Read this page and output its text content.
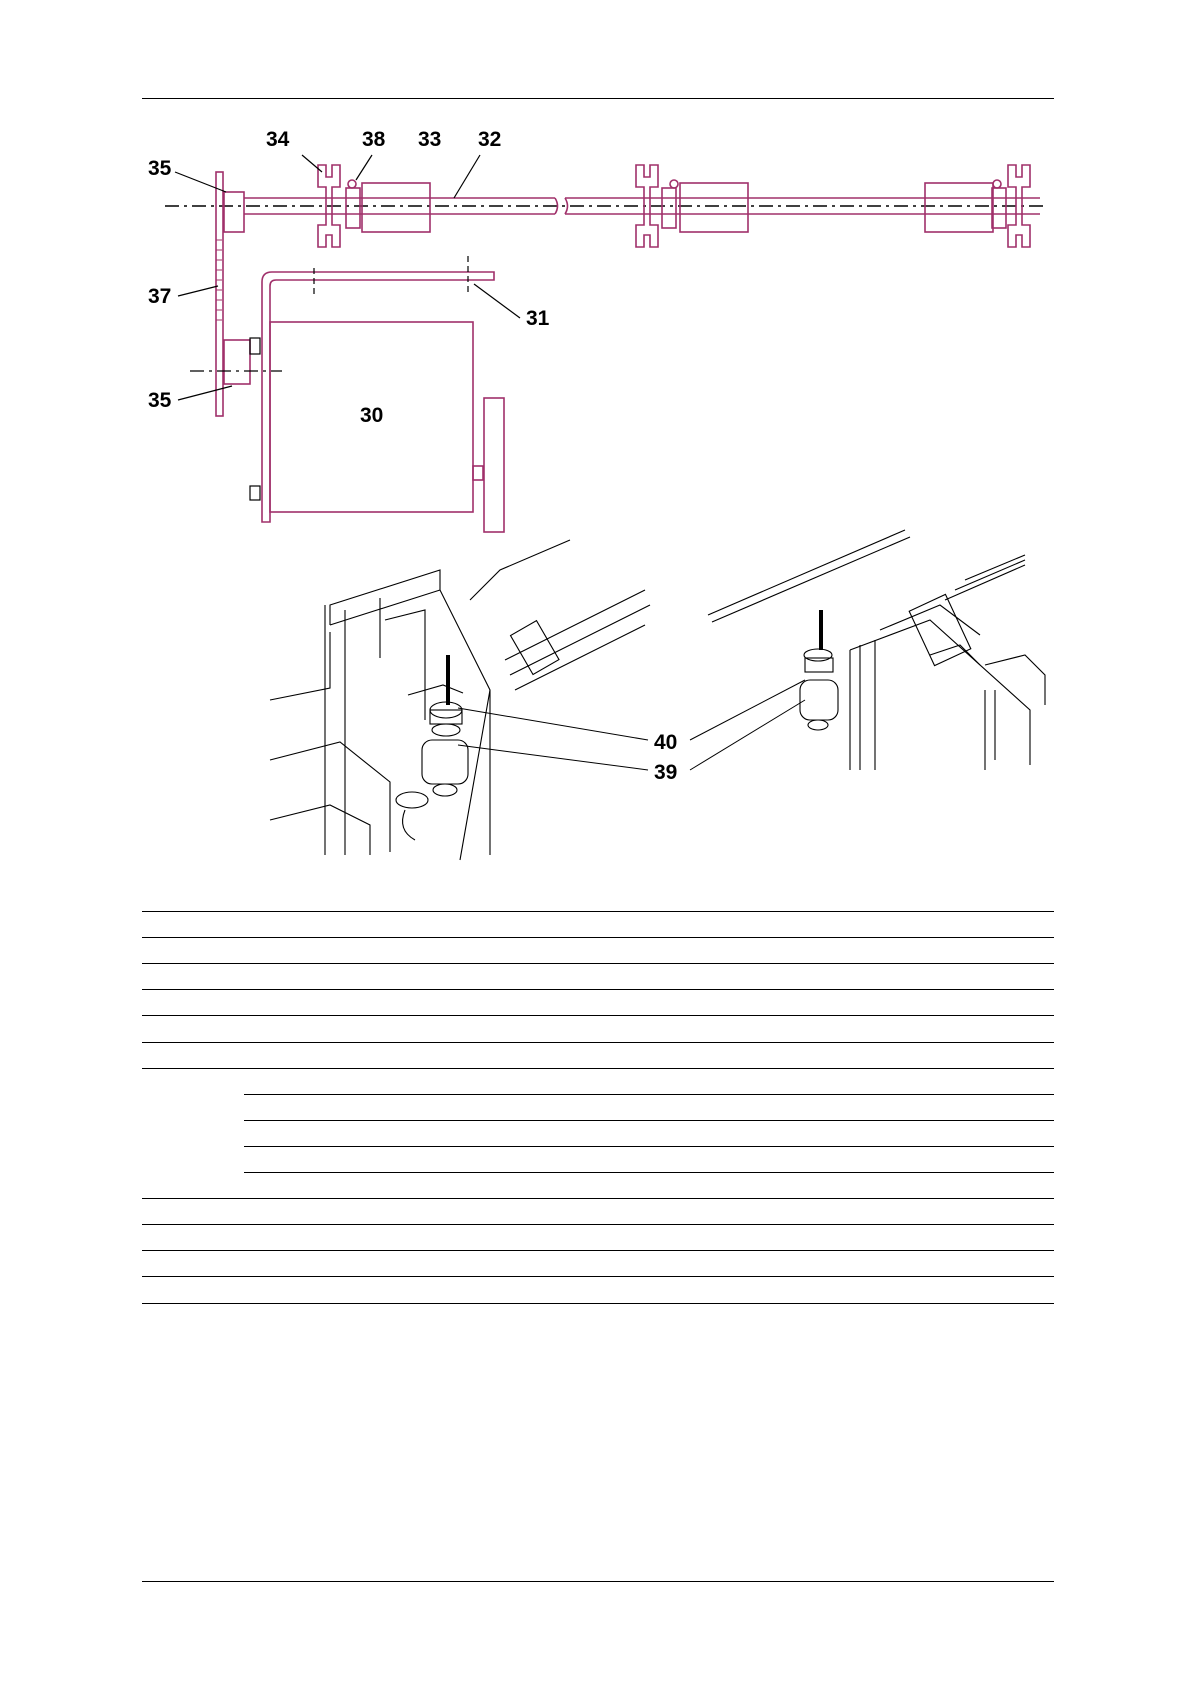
35
34	38 33 32
37
31
35
30
40
39
